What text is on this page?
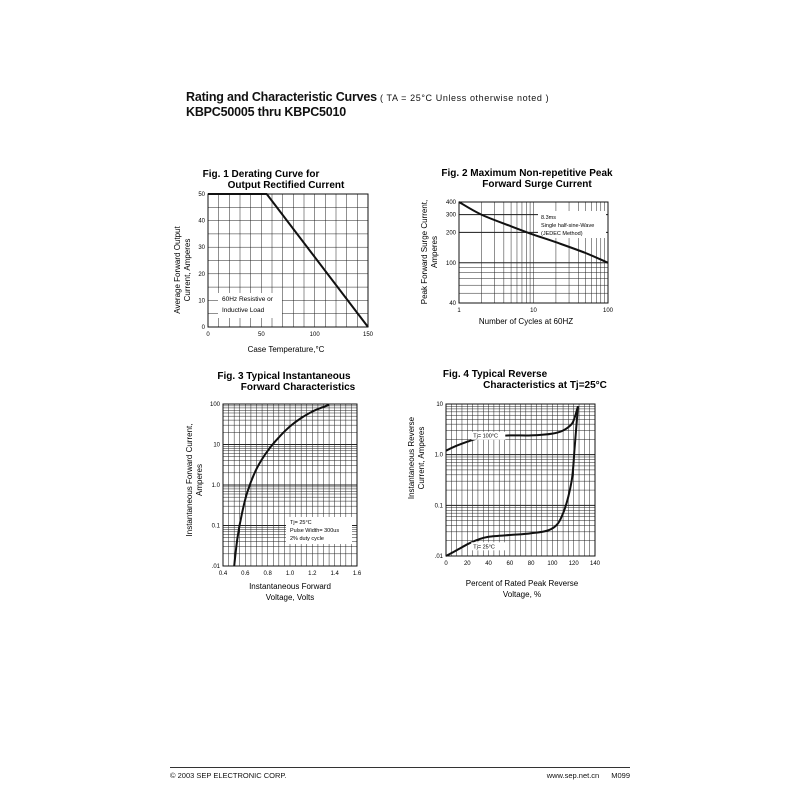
Rating and Characteristic Curves ( TA = 25°C Unless otherwise noted )
KBPC50005 thru KBPC5010
Fig. 1 Derating Curve for
Output Rectified Current
0	50	100	150
0
10
20
30
40
50
Case Temperature,°C
Average Forward Output Current, Amperes	60Hz Resistive or
Inductive Load
Fig. 2 Maximum Non-repetitive Peak
Forward Surge Current
1	10	100
40
100
200
300
400
Number of Cycles at 60HZ
Peak Forward Surge Current, Amperes
8.3ms
Single half-sine-Wave
(JEDEC Method)
Fig. 3 Typical Instantaneous
Forward Characteristics
0.4 0.6 0.8 1.0 1.2 1.4 1.6
.01
0.1
1.0
10
100
Instantaneous Forward
Voltage, Volts
Instantaneous Forward Current, Amperes
Tj= 25°C
Pulse Width= 300us
2% duty cycle
Fig. 4 Typical Reverse
Characteristics at Tj=25°C
0	20 40 60 80 100 120 140
.01
0.1
1.0
10
Percent of Rated Peak Reverse
Voltage, %
Instantaneous Reverse Current, Amperes	Tj= 100°C
Tj= 25°C
© 2003 SEP ELECTRONIC CORP.	www.sep.net.cn M099
